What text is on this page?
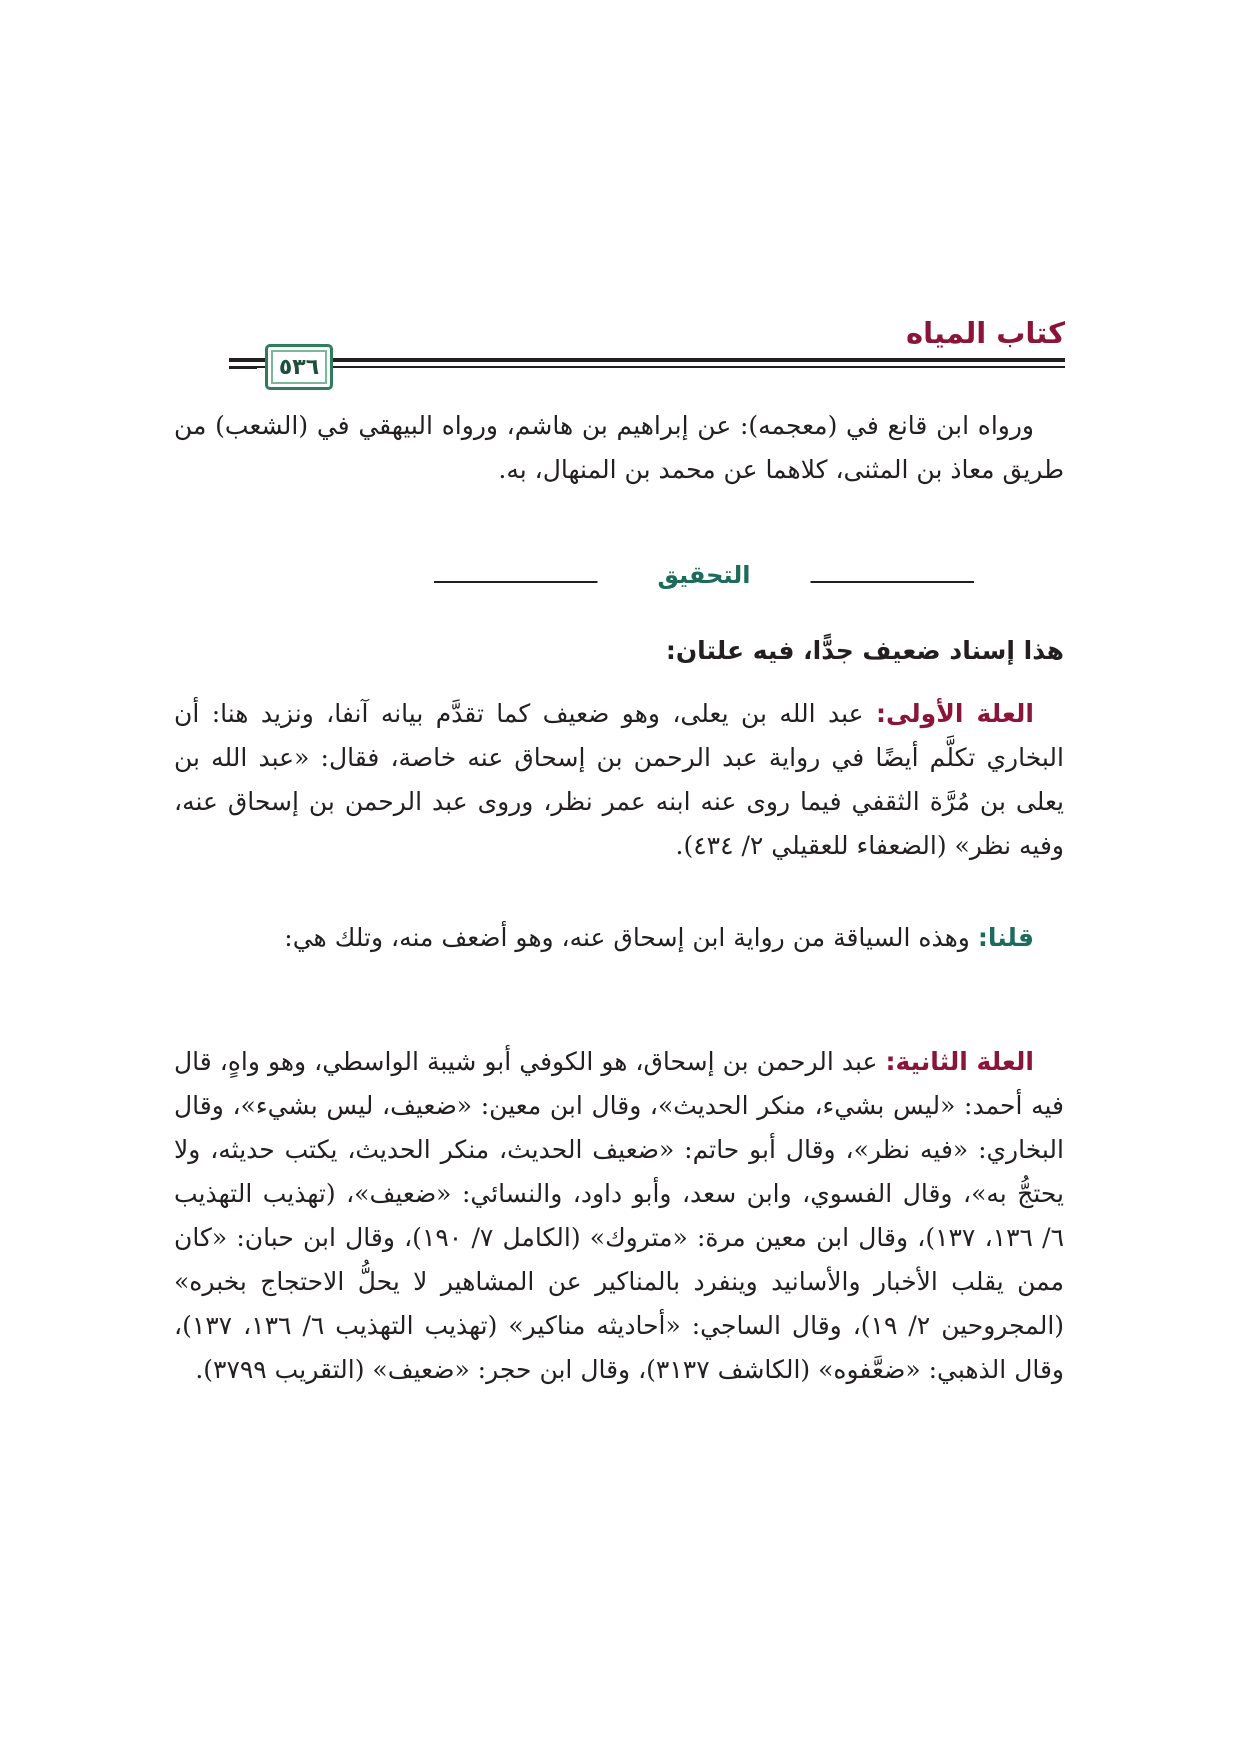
كتاب المياه
٥٣٦

ورواه ابن قانع في (معجمه): عن إبراهيم بن هاشم، ورواه البيهقي في (الشعب) من طريق معاذ بن المثنى، كلاهما عن محمد بن المنهال، به.

التحقيق
هذا إسناد ضعيف جدًّا، فيه علتان:

العلة الأولى: عبد الله بن يعلى، وهو ضعيف كما تقدَّم بيانه آنفا، ونزيد هنا: أن البخاري تكلَّم أيضًا في رواية عبد الرحمن بن إسحاق عنه خاصة، فقال: «عبد الله بن يعلى بن مُرَّة الثقفي فيما روى عنه ابنه عمر نظر، وروى عبد الرحمن بن إسحاق عنه، وفيه نظر» (الضعفاء للعقيلي ٢/ ٤٣٤).

قلنا: وهذه السياقة من رواية ابن إسحاق عنه، وهو أضعف منه، وتلك هي:

العلة الثانية: عبد الرحمن بن إسحاق، هو الكوفي أبو شيبة الواسطي، وهو واهٍ، قال فيه أحمد: «ليس بشيء، منكر الحديث»، وقال ابن معين: «ضعيف، ليس بشيء»، وقال البخاري: «فيه نظر»، وقال أبو حاتم: «ضعيف الحديث، منكر الحديث، يكتب حديثه، ولا يحتجُّ به»، وقال الفسوي، وابن سعد، وأبو داود، والنسائي: «ضعيف»، (تهذيب التهذيب ٦/ ١٣٦، ١٣٧)، وقال ابن معين مرة: «متروك» (الكامل ٧/ ١٩٠)، وقال ابن حبان: «كان ممن يقلب الأخبار والأسانيد وينفرد بالمناكير عن المشاهير لا يحلُّ الاحتجاج بخبره» (المجروحين ٢/ ١٩)، وقال الساجي: «أحاديثه مناكير» (تهذيب التهذيب ٦/ ١٣٦، ١٣٧)، وقال الذهبي: «ضعَّفوه» (الكاشف ٣١٣٧)، وقال ابن حجر: «ضعيف» (التقريب ٣٧٩٩).
